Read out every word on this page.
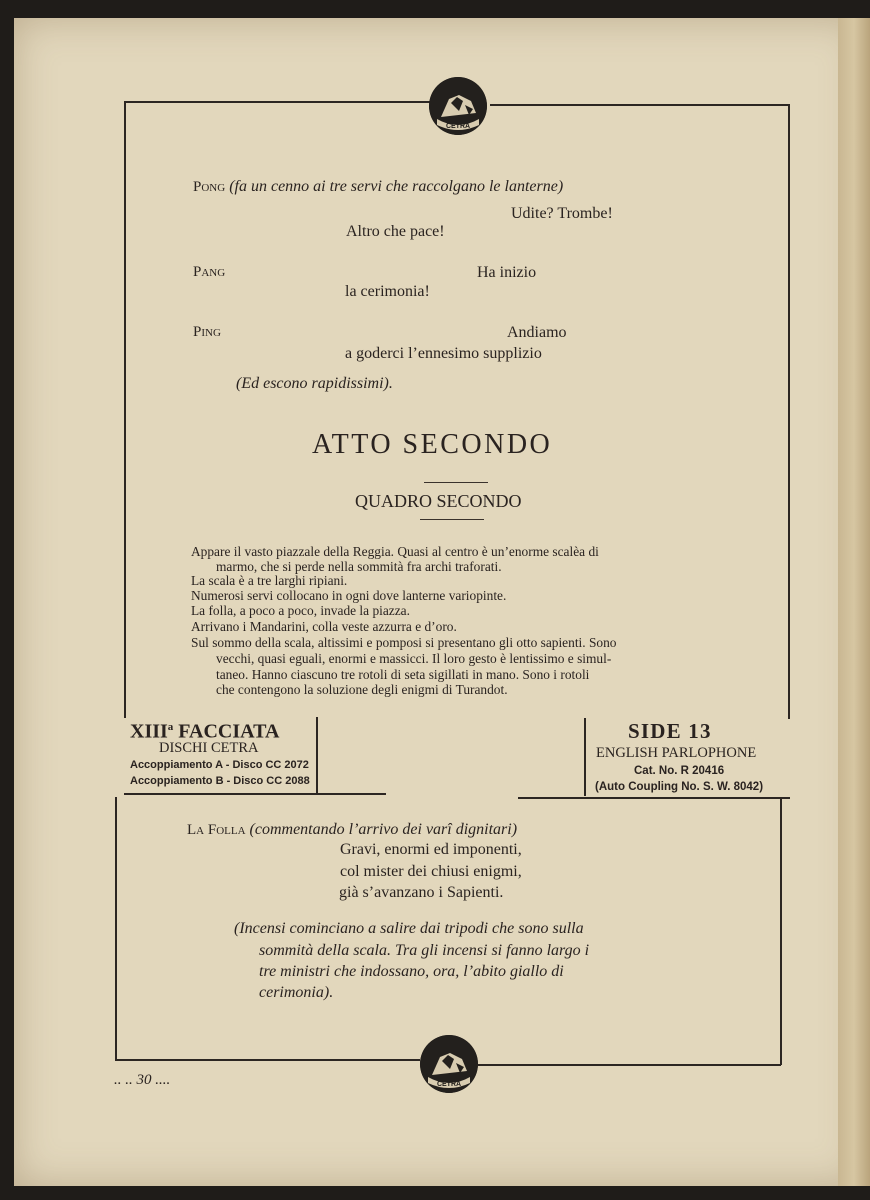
CETRA
CETRA
Pong (fa un cenno ai tre servi che raccolgano le lanterne)
Udite? Trombe!
Altro che pace!
Pang	Ha inizio
la cerimonia!
Ping	Andiamo
a goderci l’ennesimo supplizio
(Ed escono rapidissimi).
ATTO SECONDO
QUADRO SECONDO
Appare il vasto piazzale della Reggia. Quasi al centro è un’enorme scalèa di
marmo, che si perde nella sommità fra archi traforati.
La scala è a tre larghi ripiani.
Numerosi servi collocano in ogni dove lanterne variopinte.
La folla, a poco a poco, invade la piazza.
Arrivano i Mandarini, colla veste azzurra e d’oro.
Sul sommo della scala, altissimi e pomposi si presentano gli otto sapienti. Sono
vecchi, quasi eguali, enormi e massicci. Il loro gesto è lentissimo e simul-
taneo. Hanno ciascuno tre rotoli di seta sigillati in mano. Sono i rotoli
che contengono la soluzione degli enigmi di Turandot.
XIII$^a$ FACCIATA
DISCHI CETRA
Accoppiamento A - Disco CC 2072
Accoppiamento B - Disco CC 2088
SIDE 13
ENGLISH PARLOPHONE
Cat. No. R 20416
(Auto Coupling No. S. W. 8042)
La Folla (commentando l’arrivo dei varî dignitari)
Gravi, enormi ed imponenti,
col mister dei chiusi enigmi,
già s’avanzano i Sapienti.
(Incensi cominciano a salire dai tripodi che sono sulla
sommità della scala. Tra gli incensi si fanno largo i
tre ministri che indossano, ora, l’abito giallo di
cerimonia).
.. .. 30 ....
